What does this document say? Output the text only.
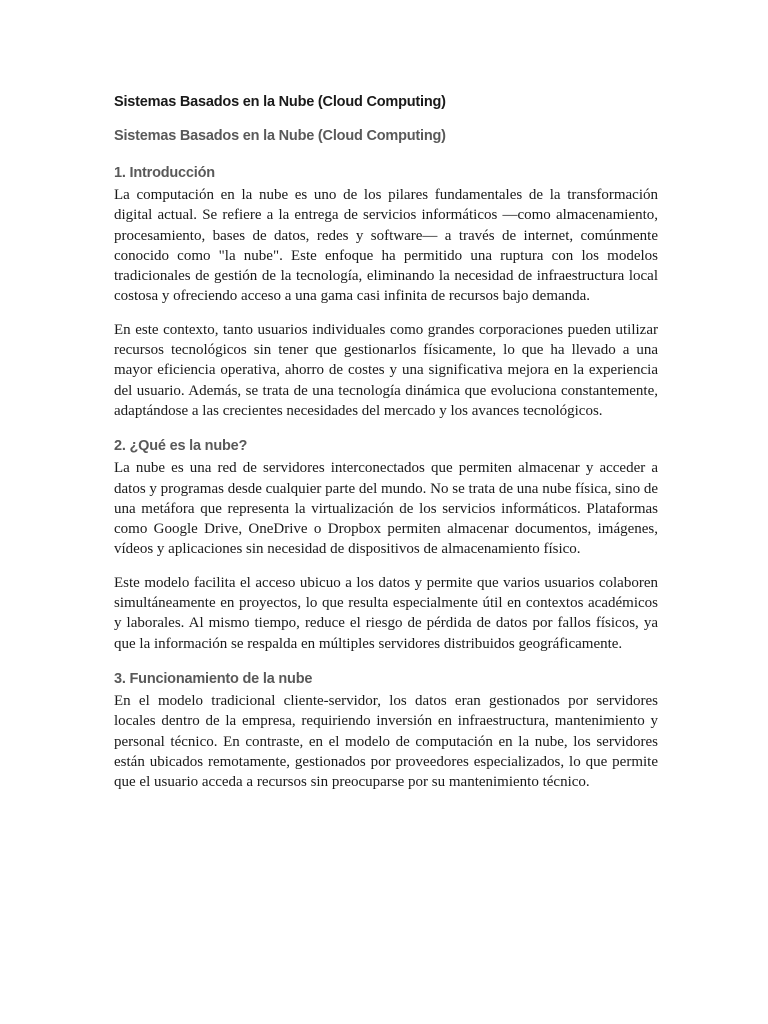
Sistemas Basados en la Nube (Cloud Computing)
Sistemas Basados en la Nube (Cloud Computing)
1. Introducción

La computación en la nube es uno de los pilares fundamentales de la transformación digital actual. Se refiere a la entrega de servicios informáticos —como almacenamiento, procesamiento, bases de datos, redes y software— a través de internet, comúnmente conocido como "la nube". Este enfoque ha permitido una ruptura con los modelos tradicionales de gestión de la tecnología, eliminando la necesidad de infraestructura local costosa y ofreciendo acceso a una gama casi infinita de recursos bajo demanda.

En este contexto, tanto usuarios individuales como grandes corporaciones pueden utilizar recursos tecnológicos sin tener que gestionarlos físicamente, lo que ha llevado a una mayor eficiencia operativa, ahorro de costes y una significativa mejora en la experiencia del usuario. Además, se trata de una tecnología dinámica que evoluciona constantemente, adaptándose a las crecientes necesidades del mercado y los avances tecnológicos.

2. ¿Qué es la nube?

La nube es una red de servidores interconectados que permiten almacenar y acceder a datos y programas desde cualquier parte del mundo. No se trata de una nube física, sino de una metáfora que representa la virtualización de los servicios informáticos. Plataformas como Google Drive, OneDrive o Dropbox permiten almacenar documentos, imágenes, vídeos y aplicaciones sin necesidad de dispositivos de almacenamiento físico.

Este modelo facilita el acceso ubicuo a los datos y permite que varios usuarios colaboren simultáneamente en proyectos, lo que resulta especialmente útil en contextos académicos y laborales. Al mismo tiempo, reduce el riesgo de pérdida de datos por fallos físicos, ya que la información se respalda en múltiples servidores distribuidos geográficamente.

3. Funcionamiento de la nube

En el modelo tradicional cliente-servidor, los datos eran gestionados por servidores locales dentro de la empresa, requiriendo inversión en infraestructura, mantenimiento y personal técnico. En contraste, en el modelo de computación en la nube, los servidores están ubicados remotamente, gestionados por proveedores especializados, lo que permite que el usuario acceda a recursos sin preocuparse por su mantenimiento técnico.
